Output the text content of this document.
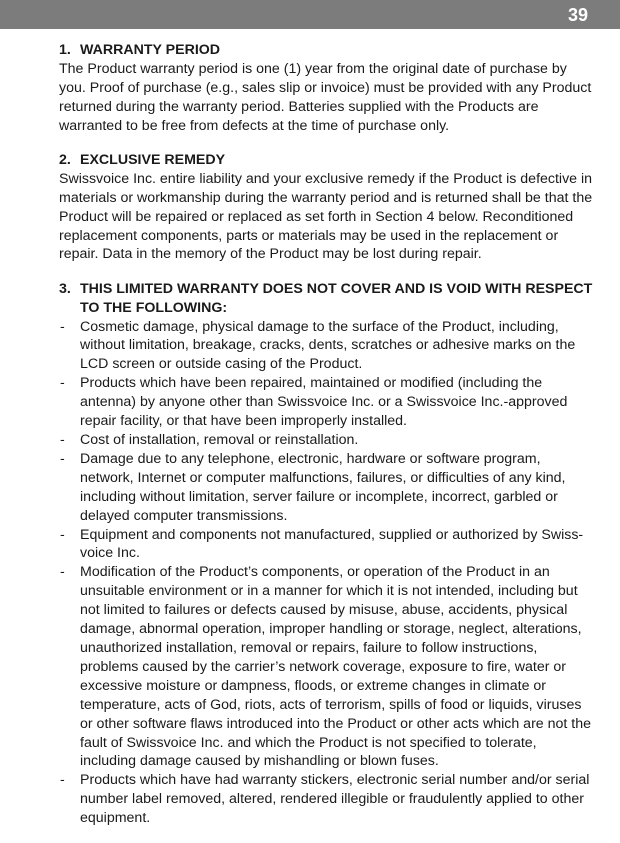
39
1. WARRANTY PERIOD

The Product warranty period is one (1) year from the original date of purchase by you. Proof of purchase (e.g., sales slip or invoice) must be provided with any Product returned during the warranty period. Batteries supplied with the Products are warranted to be free from defects at the time of purchase only.

2. EXCLUSIVE REMEDY

Swissvoice Inc. entire liability and your exclusive remedy if the Product is defective in materials or workmanship during the warranty period and is returned shall be that the Product will be repaired or replaced as set forth in Section 4 below. Reconditioned replacement components, parts or materials may be used in the replacement or repair. Data in the memory of the Product may be lost during repair.

3. THIS LIMITED WARRANTY DOES NOT COVER AND IS VOID WITH RESPECT TO THE FOLLOWING:
-	Cosmetic damage, physical damage to the surface of the Product, including, without limitation, breakage, cracks, dents, scratches or adhesive marks on the LCD screen or outside casing of the Product.
-	Products which have been repaired, maintained or modified (including the antenna) by anyone other than Swissvoice Inc. or a Swissvoice Inc.-approved repair facility, or that have been improperly installed.
-	Cost of installation, removal or reinstallation.
-	Damage due to any telephone, electronic, hardware or software program, network, Internet or computer malfunctions, failures, or difficulties of any kind, including without limitation, server failure or incomplete, incorrect, garbled or delayed computer transmissions.
-	Equipment and components not manufactured, supplied or authorized by Swiss-voice Inc.
-	Modification of the Product’s components, or operation of the Product in an unsuitable environment or in a manner for which it is not intended, including but not limited to failures or defects caused by misuse, abuse, accidents, physical damage, abnormal operation, improper handling or storage, neglect, alterations, unauthorized installation, removal or repairs, failure to follow instructions, problems caused by the carrier’s network coverage, exposure to fire, water or excessive moisture or dampness, floods, or extreme changes in climate or temperature, acts of God, riots, acts of terrorism, spills of food or liquids, viruses or other software flaws introduced into the Product or other acts which are not the fault of Swissvoice Inc. and which the Product is not specified to tolerate, including damage caused by mishandling or blown fuses.
-	Products which have had warranty stickers, electronic serial number and/or serial number label removed, altered, rendered illegible or fraudulently applied to other equipment.
